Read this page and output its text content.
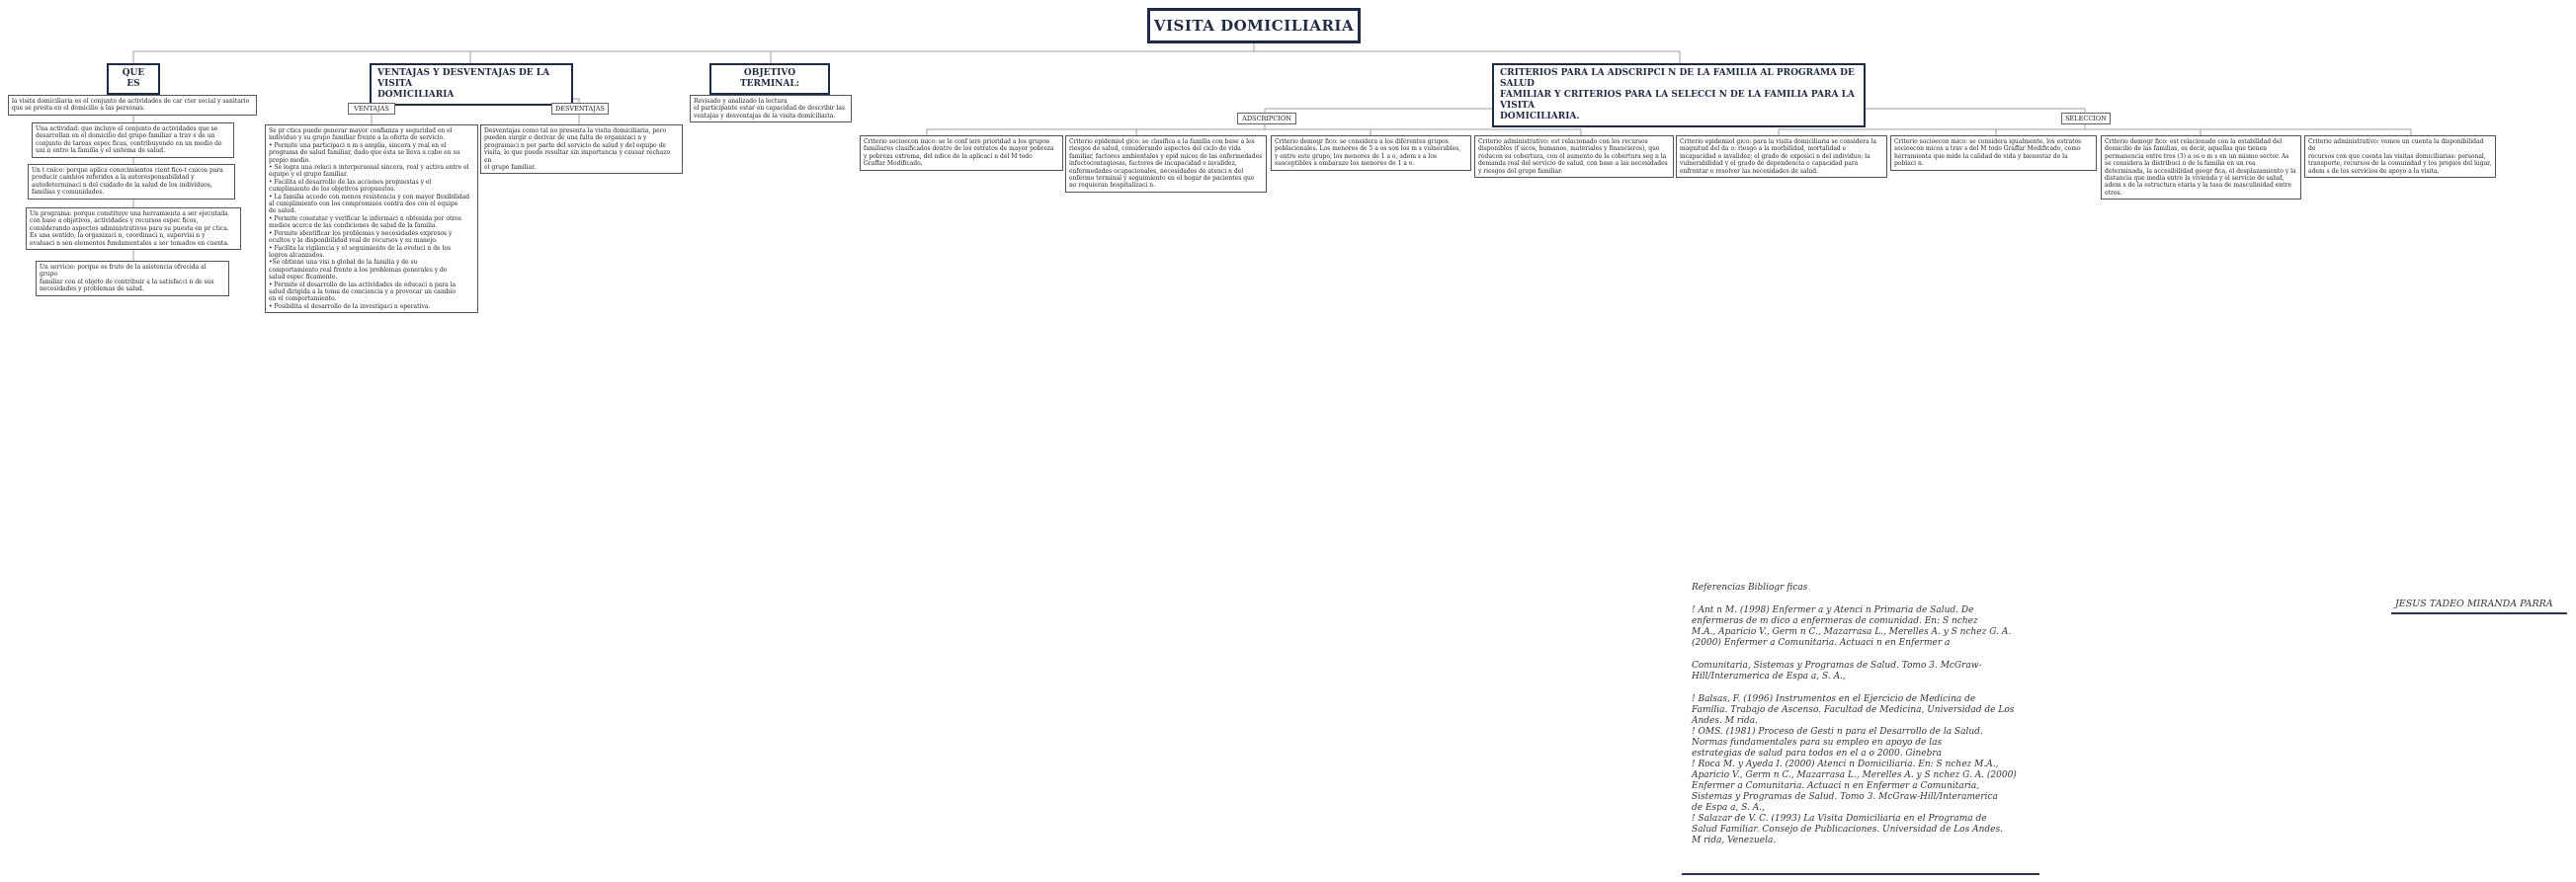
VISITA DOMICILIARIA
QUE ES
la visita domiciliaria es el conjunto de actividades de car cter social y sanitario
que se presta en el domicilio a las personas.
Una actividad: que incluye el conjunto de actividades que se
desarrollan en el domicilio del grupo familiar a trav s de un
conjunto de tareas espec ficas, contribuyendo en un medio de
uni n entre la familia y el sistema de salud.
Un t cnico: porque aplica conocimientos cient fico-t cnicos para
producir cambios referidos a la autoresponsabilidad y
autodeterminaci n del cuidado de la salud de los individuos,
familias y comunidades.
Un programa: porque constituye una herramienta a ser ejecutada
con base a objetivos, actividades y recursos espec ficos,
considerando aspectos administrativos para su puesta en pr ctica.
Es una sentido, la organizaci n, coordinaci n, supervisi n y
evaluaci n son elementos fundamentales a ser tomados en cuenta.
Un servicio: porque es fruto de la asistencia ofrecida al grupo
familiar con el objeto de contribuir a la satisfacci n de sus
necesidades y problemas de salud.
VENTAJAS Y DESVENTAJAS DE LA VISITA
DOMICILIARIA
VENTAJAS	DESVENTAJAS
Se pr ctica puede generar mayor confianza y seguridad en el
individuo y su grupo familiar frente a la oferta de servicio.
• Permite una participaci n m s amplia, sincera y real en el
programa de salud familiar, dado que ésta se lleva a cabo en su
propio medio.
• Se logra una relaci n interpersonal sincera, real y activa entre el
equipo y el grupo familiar.
• Facilita el desarrollo de las acciones propuestas y el
cumplimiento de los objetivos propuestos.
• La familia accede con menos resistencia y con mayor flexibilidad
al cumplimiento con los compromisos contra dos con el equipo
de salud.
• Permite constatar y verificar la informaci n obtenida por otros
medios acerca de las condiciones de salud de la familia.
• Permite identificar los problemas y necesidades expresos y
ocultos y la disponibilidad real de recursos y su manejo.
• Facilita la vigilancia y el seguimiento de la evoluci n de los
logros alcanzados.
•Se obtiene una visi n global de la familia y de su
comportamiento real frente a los problemas generales y de
salud espec ficamente.
• Permite el desarrollo de las actividades de educaci n para la
salud dirigida a la toma de conciencia y a provocar un cambio
en el comportamiento.
• Posibilita el desarrollo de la investigaci n operativa.
Desventajas como tal no presenta la visita domiciliaria, pero
pueden surgir o derivar de una falta de organizaci n y
programaci n por parte del servicio de salud y del equipo de
visita, lo que puede resultar sin importancia y causar rechazo en
el grupo familiar.
OBJETIVO TERMINAL:
Revisado y analizado la lectura
el participante estar en capacidad de describir las
ventajas y desventajas de la visita domiciliaria.
CRITERIOS PARA LA ADSCRIPCI N DE LA FAMILIA AL PROGRAMA DE SALUD
FAMILIAR Y CRITERIOS PARA LA SELECCI N DE LA FAMILIA PARA LA VISITA
DOMICILIARIA.
ADSCRIPCION	SELECCION
Criterio socioecon mico: se le conf iere prioridad a los grupos
familiares clasificados dentro de los estratos de mayor pobreza
y pobreza extrema, del ndice de la aplicaci n del M todo
Graffar Modificado.
Criterio epidemiol gico: se clasifica a la familia con base a los
riesgos de salud, considerando aspectos del ciclo de vida
familiar, factores ambientales y epid micos de las enfermedades
infectocontagiosas, factores de incapacidad e invalidez,
enfermedades ocupacionales, necesidades de atenci n del
enfermo terminal y seguimiento en el hogar de pacientes que
no requieran hospitalizaci n.
Criterio demogr fico: se considera a los diferentes grupos
poblacionales. Los menores de 5 a os son los m s vulnerables,
y entre este grupo, los menores de 1 a o, adem s a los
susceptibles a embarazo los menores de 1 a o.
Criterio administrativo: est relacionado con los recursos
disponibles (f sicos, humanos, materiales y financieros), que
reducen su cobertura, con el aumento de la cobertura seg n la
demanda real del servicio de salud, con base a las necesidades
y riesgos del grupo familiar.
Criterio epidemiol gico: para la visita domiciliaria se considera la
magnitud del da o: riesgo a la morbilidad, mortalidad e
incapacidad o invalidez; el grado de exposici n del individuo; la
vulnerabilidad y el grado de dependencia o capacidad para
enfrentar o resolver las necesidades de salud.
Criterio socioecon mico: se considera igualmente, los estratos
socioecon micos a trav s del M todo Graffar Modificado, como
herramienta que mide la calidad de vida y bienestar de la
poblaci n.
Criterio demogr fico: est relacionado con la estabilidad del
domicilio de las familias, es decir, aquellas que tienen
permanencia entre tres (3) a os o m s en un mismo sector. As
se considera la distribuci n de la familia en un rea
determinada, la accesibilidad geogr fica, el desplazamiento y la
distancia que media entre la vivienda y el servicio de salud,
adem s de la estructura etaria y la tasa de masculinidad entre
otros.
Criterio administrativo: vemos un cuenta la disponibilidad de
recursos con que cuenta las visitas domiciliarias: personal,
transporte, recursos de la comunidad y los propios del lugar,
adem s de los servicios de apoyo a la visita.
Referencias Bibliogr ficas
! Ant n M. (1998) Enfermer a y Atenci n Primaria de Salud. De
enfermeras de m dico a enfermeras de comunidad. En: S nchez
M.A., Aparicio V., Germ n C., Mazarrasa L., Merelles A. y S nchez G. A.
(2000) Enfermer a Comunitaria. Actuaci n en Enfermer a
Comunitaria, Sistemas y Programas de Salud. Tomo 3. McGraw-
Hill/Interamerica de Espa a, S. A.,
! Balsas, F. (1996) Instrumentos en el Ejercicio de Medicina de
Familia. Trabajo de Ascenso. Facultad de Medicina, Universidad de Los
Andes. M rida.
! OMS. (1981) Proceso de Gesti n para el Desarrollo de la Salud.
Normas fundamentales para su empleo en apoyo de las
estrategias de salud para todos en el a o 2000. Ginebra
! Roca M. y Ayeda I. (2000) Atenci n Domiciliaria. En: S nchez M.A.,
Aparicio V., Germ n C., Mazarrasa L., Merelles A. y S nchez G. A. (2000)
Enfermer a Comunitaria. Actuaci n en Enfermer a Comunitaria,
Sistemas y Programas de Salud. Tomo 3. McGraw-Hill/Interamerica
de Espa a, S. A.,
! Salazar de V. C. (1993) La Visita Domiciliaria en el Programa de
Salud Familiar. Consejo de Publicaciones. Universidad de Los Andes.
M rida, Venezuela.
JESUS TADEO MIRANDA PARRA
